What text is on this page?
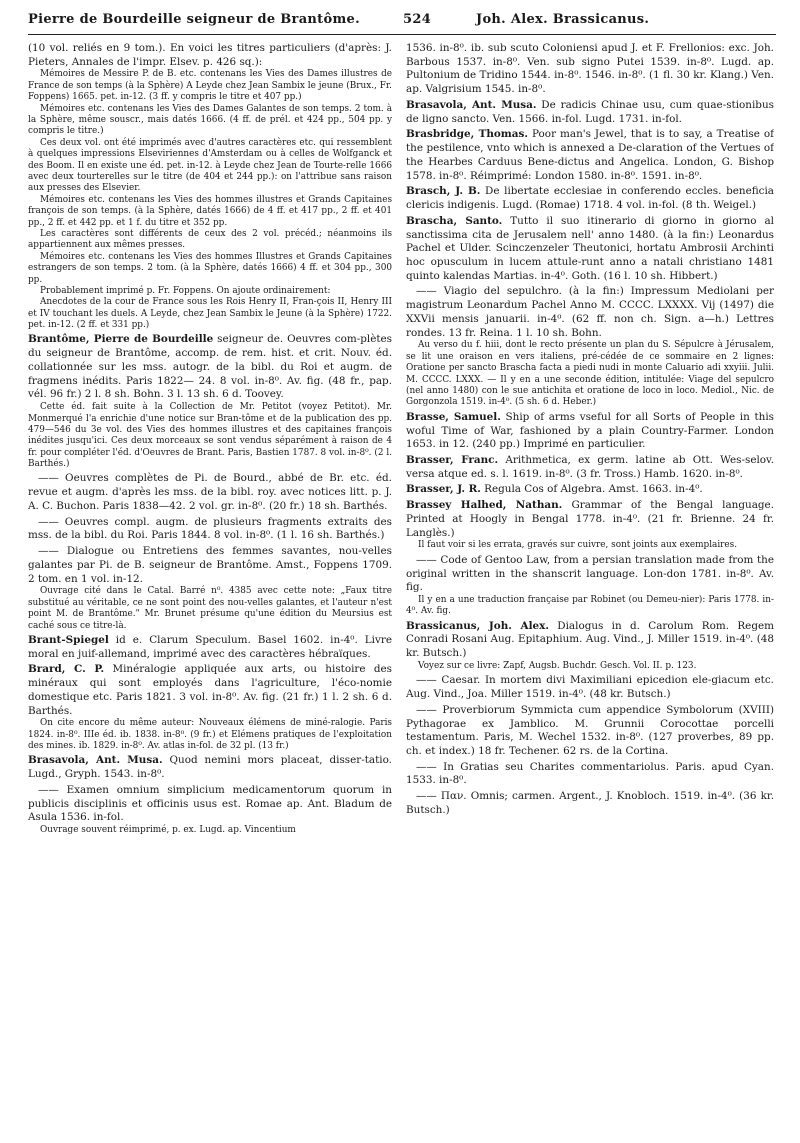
Pierre de Bourdeille seigneur de Brantôme.	524	Joh. Alex. Brassicanus.

(10 vol. reliés en 9 tom.). En voici les titres particuliers (d'après: J. Pieters, Annales de l'impr. Elsev. p. 426 sq.):

Mémoires de Messire P. de B. etc. contenans les Vies des Dames illustres de France de son temps (à la Sphère) A Leyde chez Jean Sambix le jeune (Brux., Fr. Foppens) 1665. pet. in-12. (3 ff. y compris le titre et 407 pp.)

Mémoires etc. contenans les Vies des Dames Galantes de son temps. 2 tom. à la Sphère, même souscr., mais datés 1666. (4 ff. de prél. et 424 pp., 504 pp. y compris le titre.)

Ces deux vol. ont été imprimés avec d'autres caractères etc. qui ressemblent à quelques impressions Elseviriennes d'Amsterdam ou à celles de Wolfganck et des Boom. Il en existe une éd. pet. in-12. à Leyde chez Jean de Tourte-relle 1666 avec deux tourterelles sur le titre (de 404 et 244 pp.): on l'attribue sans raison aux presses des Elsevier.

Mémoires etc. contenans les Vies des hommes illustres et Grands Capitaines françois de son temps. (à la Sphère, datés 1666) de 4 ff. et 417 pp., 2 ff. et 401 pp., 2 ff. et 442 pp. et 1 f. du titre et 352 pp.

Les caractères sont différents de ceux des 2 vol. précéd.; néanmoins ils appartiennent aux mêmes presses.

Mémoires etc. contenans les Vies des hommes Illustres et Grands Capitaines estrangers de son temps. 2 tom. (à la Sphère, datés 1666) 4 ff. et 304 pp., 300 pp.

Probablement imprimé p. Fr. Foppens. On ajoute ordinairement:

Anecdotes de la cour de France sous les Rois Henry II, Fran-çois II, Henry III et IV touchant les duels. A Leyde, chez Jean Sambix le Jeune (à la Sphère) 1722. pet. in-12. (2 ff. et 331 pp.)

Brantôme, Pierre de Bourdeille seigneur de. Oeuvres com-plètes du seigneur de Brantôme, accomp. de rem. hist. et crit. Nouv. éd. collationnée sur les mss. autogr. de la bibl. du Roi et augm. de fragmens inédits. Paris 1822— 24. 8 vol. in-8⁰. Av. fig. (48 fr., pap. vél. 96 fr.) 2 l. 8 sh. Bohn. 3 l. 13 sh. 6 d. Toovey.

Cette éd. fait suite à la Collection de Mr. Petitot (voyez Petitot). Mr. Monmerqué l'a enrichie d'une notice sur Bran-tôme et de la publication des pp. 479—546 du 3e vol. des Vies des hommes illustres et des capitaines françois inédites jusqu'ici. Ces deux morceaux se sont vendus séparément à raison de 4 fr. pour compléter l'éd. d'Oeuvres de Brant. Paris, Bastien 1787. 8 vol. in-8⁰. (2 l. Barthés.)

—— Oeuvres complètes de Pi. de Bourd., abbé de Br. etc. éd. revue et augm. d'après les mss. de la bibl. roy. avec notices litt. p. J. A. C. Buchon. Paris 1838—42. 2 vol. gr. in-8⁰. (20 fr.) 18 sh. Barthés.

—— Oeuvres compl. augm. de plusieurs fragments extraits des mss. de la bibl. du Roi. Paris 1844. 8 vol. in-8⁰. (1 l. 16 sh. Barthés.)

—— Dialogue ou Entretiens des femmes savantes, nou-velles galantes par Pi. de B. seigneur de Brantôme. Amst., Foppens 1709. 2 tom. en 1 vol. in-12.

Ouvrage cité dans le Catal. Barré n⁰. 4385 avec cette note: „Faux titre substitué au véritable, ce ne sont point des nou-velles galantes, et l'auteur n'est point M. de Brantôme." Mr. Brunet présume qu'une édition du Meursius est caché sous ce titre-là.

Brant-Spiegel id e. Clarum Speculum. Basel 1602. in-4⁰. Livre moral en juif-allemand, imprimé avec des caractères hébraïques.

Brard, C. P. Minéralogie appliquée aux arts, ou histoire des minéraux qui sont employés dans l'agriculture, l'éco-nomie domestique etc. Paris 1821. 3 vol. in-8⁰. Av. fig. (21 fr.) 1 l. 2 sh. 6 d. Barthés.

On cite encore du même auteur: Nouveaux élémens de miné-ralogie. Paris 1824. in-8⁰. IIIe éd. ib. 1838. in-8⁰. (9 fr.) et Elémens pratiques de l'exploitation des mines. ib. 1829. in-8⁰. Av. atlas in-fol. de 32 pl. (13 fr.)

Brasavola, Ant. Musa. Quod nemini mors placeat, disser-tatio. Lugd., Gryph. 1543. in-8⁰.

—— Examen omnium simplicium medicamentorum quorum in publicis disciplinis et officinis usus est. Romae ap. Ant. Bladum de Asula 1536. in-fol.

Ouvrage souvent réimprimé, p. ex. Lugd. ap. Vincentium

1536. in-8⁰. ib. sub scuto Coloniensi apud J. et F. Frellonios: exc. Joh. Barbous 1537. in-8⁰. Ven. sub signo Putei 1539. in-8⁰. Lugd. ap. Pultonium de Tridino 1544. in-8⁰. 1546. in-8⁰. (1 fl. 30 kr. Klang.) Ven. ap. Valgrisium 1545. in-8⁰.

Brasavola, Ant. Musa. De radicis Chinae usu, cum quae-stionibus de ligno sancto. Ven. 1566. in-fol. Lugd. 1731. in-fol.

Brasbridge, Thomas. Poor man's Jewel, that is to say, a Treatise of the pestilence, vnto which is annexed a De-claration of the Vertues of the Hearbes Carduus Bene-dictus and Angelica. London, G. Bishop 1578. in-8⁰. Réimprimé: London 1580. in-8⁰. 1591. in-8⁰.

Brasch, J. B. De libertate ecclesiae in conferendo eccles. beneficia clericis indigenis. Lugd. (Romae) 1718. 4 vol. in-fol. (8 th. Weigel.)

Brascha, Santo. Tutto il suo itinerario di giorno in giorno al sanctissima cita de Jerusalem nell' anno 1480. (à la fin:) Leonardus Pachel et Ulder. Scinczenzeler Theutonici, hortatu Ambrosii Archinti hoc opusculum in lucem attule-runt anno a natali christiano 1481 quinto kalendas Martias. in-4⁰. Goth. (16 l. 10 sh. Hibbert.)

—— Viagio del sepulchro. (à la fin:) Impressum Mediolani per magistrum Leonardum Pachel Anno M. CCCC. LXXXX. Vij (1497) die XXVii mensis januarii. in-4⁰. (62 ff. non ch. Sign. a—h.) Lettres rondes. 13 fr. Reina. 1 l. 10 sh. Bohn.

Au verso du f. hiii, dont le recto présente un plan du S. Sépulcre à Jérusalem, se lit une oraison en vers italiens, pré-cédée de ce sommaire en 2 lignes: Oratione per sancto Brascha facta a piedi nudi in monte Caluario adi xxyiii. Julii. M. CCCC. LXXX. — Il y en a une seconde édition, intitulée: Viage del sepulcro (nel anno 1480) con le sue antichita et oratione de loco in loco. Mediol., Nic. de Gorgonzola 1519. in-4⁰. (5 sh. 6 d. Heber.)

Brasse, Samuel. Ship of arms vseful for all Sorts of People in this woful Time of War, fashioned by a plain Country-Farmer. London 1653. in 12. (240 pp.) Imprimé en particulier.

Brasser, Franc. Arithmetica, ex germ. latine ab Ott. Wes-selov. versa atque ed. s. l. 1619. in-8⁰. (3 fr. Tross.) Hamb. 1620. in-8⁰.

Brasser, J. R. Regula Cos of Algebra. Amst. 1663. in-4⁰.

Brassey Halhed, Nathan. Grammar of the Bengal language. Printed at Hoogly in Bengal 1778. in-4⁰. (21 fr. Brienne. 24 fr. Langlès.)

Il faut voir si les errata, gravés sur cuivre, sont joints aux exemplaires.

—— Code of Gentoo Law, from a persian translation made from the original written in the shanscrit language. Lon-don 1781. in-8⁰. Av. fig.

Il y en a une traduction française par Robinet (ou Demeu-nier): Paris 1778. in-4⁰. Av. fig.

Brassicanus, Joh. Alex. Dialogus in d. Carolum Rom. Regem Conradi Rosani Aug. Epitaphium. Aug. Vind., J. Miller 1519. in-4⁰. (48 kr. Butsch.)

Voyez sur ce livre: Zapf, Augsb. Buchdr. Gesch. Vol. II. p. 123.

—— Caesar. In mortem divi Maximiliani epicedion ele-giacum etc. Aug. Vind., Joa. Miller 1519. in-4⁰. (48 kr. Butsch.)

—— Proverbiorum Symmicta cum appendice Symbolorum (XVIII) Pythagorae ex Jamblico. M. Grunnii Corocottae porcelli testamentum. Paris, M. Wechel 1532. in-8⁰. (127 proverbes, 89 pp. ch. et index.) 18 fr. Techener. 62 rs. de la Cortina.

—— In Gratias seu Charites commentariolus. Paris. apud Cyan. 1533. in-8⁰.

—— Παν. Omnis; carmen. Argent., J. Knobloch. 1519. in-4⁰. (36 kr. Butsch.)
